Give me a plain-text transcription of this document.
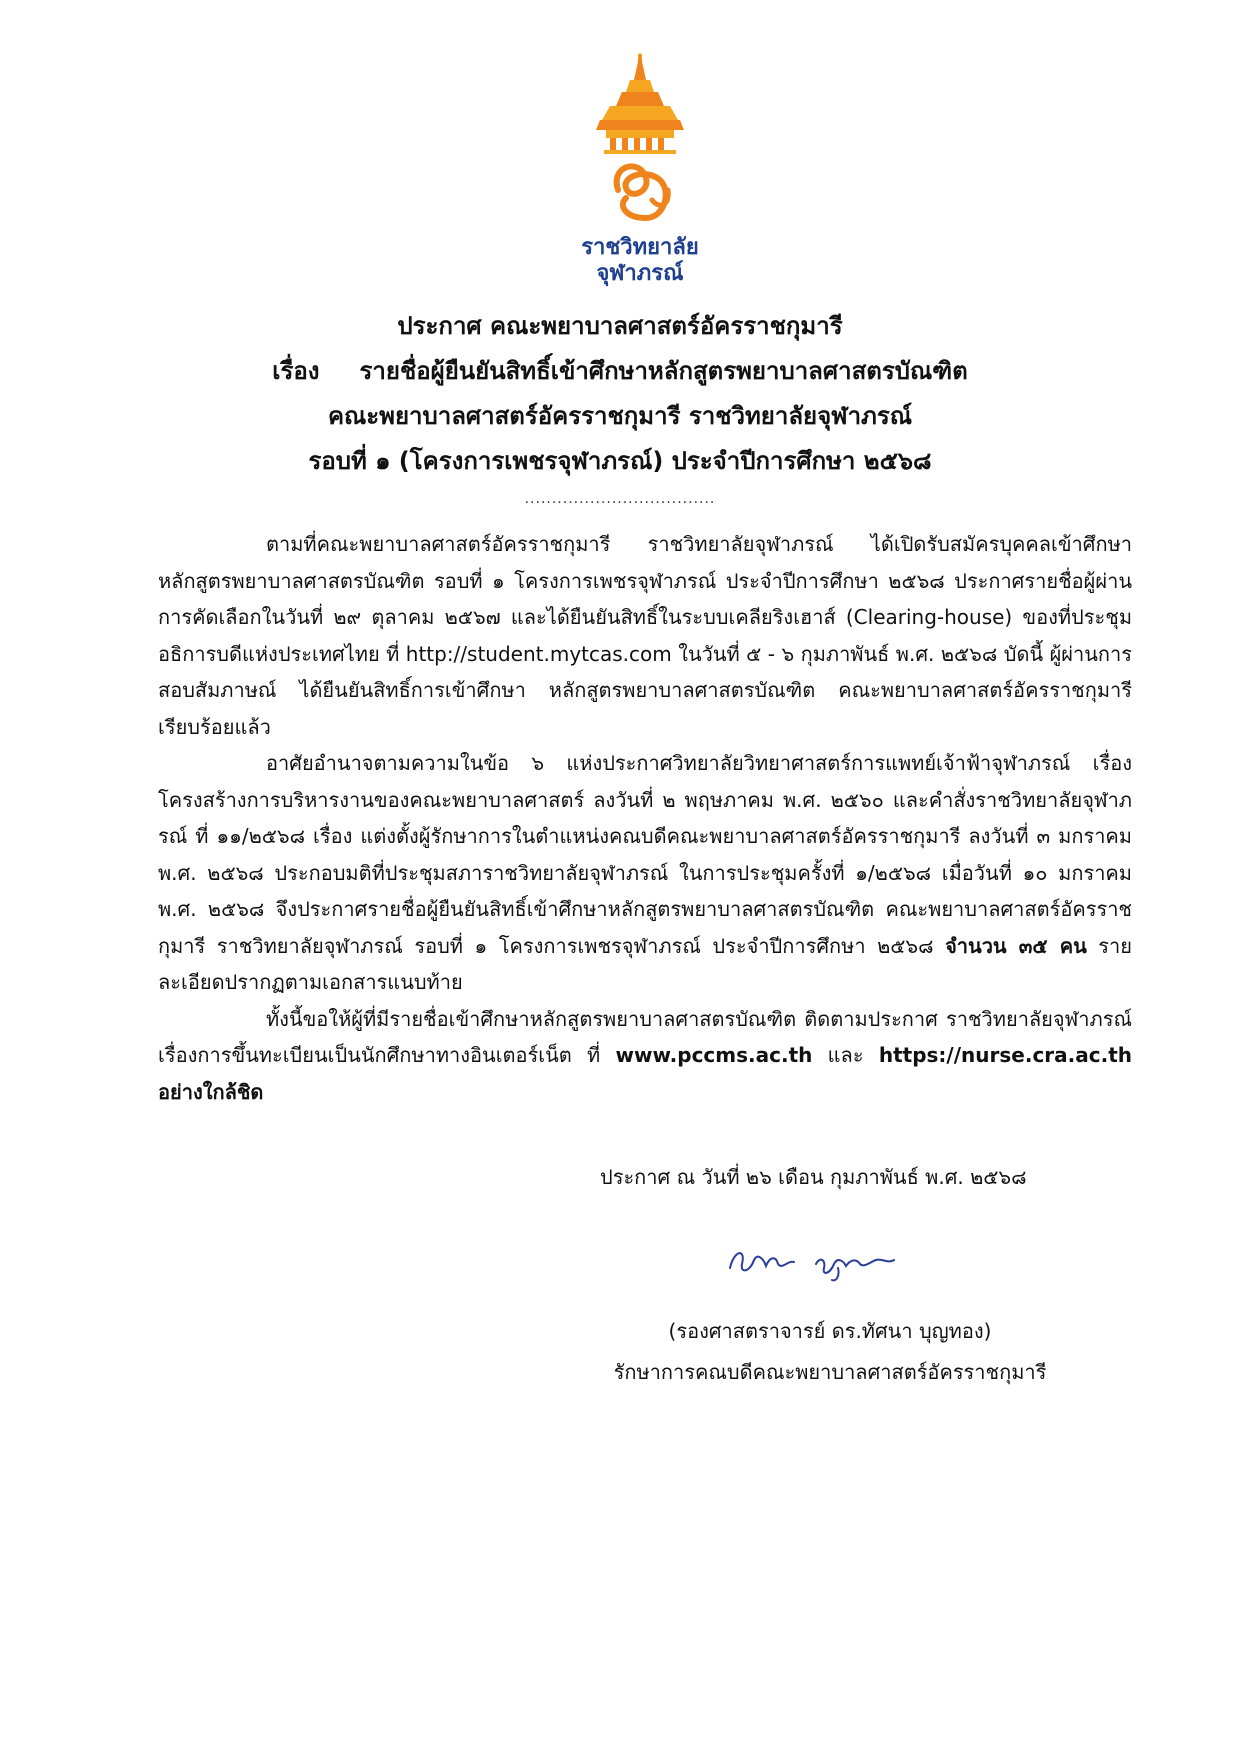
ราชวิทยาลัย
จุฬาภรณ์
ประกาศ คณะพยาบาลศาสตร์อัครราชกุมารี
เรื่อง รายชื่อผู้ยืนยันสิทธิ์เข้าศึกษาหลักสูตรพยาบาลศาสตรบัณฑิต
คณะพยาบาลศาสตร์อัครราชกุมารี ราชวิทยาลัยจุฬาภรณ์
รอบที่ ๑ (โครงการเพชรจุฬาภรณ์) ประจำปีการศึกษา ๒๕๖๘
...................................

ตามที่คณะพยาบาลศาสตร์อัครราชกุมารี ราชวิทยาลัยจุฬาภรณ์ ได้เปิดรับสมัครบุคคลเข้าศึกษาหลักสูตรพยาบาลศาสตรบัณฑิต รอบที่ ๑ โครงการเพชรจุฬาภรณ์ ประจำปีการศึกษา ๒๕๖๘ ประกาศรายชื่อผู้ผ่านการคัดเลือกในวันที่ ๒๙ ตุลาคม ๒๕๖๗ และได้ยืนยันสิทธิ์ในระบบเคลียริงเฮาส์ (Clearing-house) ของที่ประชุมอธิการบดีแห่งประเทศไทย ที่ http://student.mytcas.com ในวันที่ ๕ - ๖ กุมภาพันธ์ พ.ศ. ๒๕๖๘ บัดนี้ ผู้ผ่านการสอบสัมภาษณ์ ได้ยืนยันสิทธิ์การเข้าศึกษา หลักสูตรพยาบาลศาสตรบัณฑิต คณะพยาบาลศาสตร์อัครราชกุมารี เรียบร้อยแล้ว

อาศัยอำนาจตามความในข้อ ๖ แห่งประกาศวิทยาลัยวิทยาศาสตร์การแพทย์เจ้าฟ้าจุฬาภรณ์ เรื่อง โครงสร้างการบริหารงานของคณะพยาบาลศาสตร์ ลงวันที่ ๒ พฤษภาคม พ.ศ. ๒๕๖๐ และคำสั่งราชวิทยาลัยจุฬาภรณ์ ที่ ๑๑/๒๕๖๘ เรื่อง แต่งตั้งผู้รักษาการในตำแหน่งคณบดีคณะพยาบาลศาสตร์อัครราชกุมารี ลงวันที่ ๓ มกราคม พ.ศ. ๒๕๖๘ ประกอบมติที่ประชุมสภาราชวิทยาลัยจุฬาภรณ์ ในการประชุมครั้งที่ ๑/๒๕๖๘ เมื่อวันที่ ๑๐ มกราคม พ.ศ. ๒๕๖๘ จึงประกาศรายชื่อผู้ยืนยันสิทธิ์เข้าศึกษาหลักสูตรพยาบาลศาสตรบัณฑิต คณะพยาบาลศาสตร์อัครราชกุมารี ราชวิทยาลัยจุฬาภรณ์ รอบที่ ๑ โครงการเพชรจุฬาภรณ์ ประจำปีการศึกษา ๒๕๖๘ จำนวน ๓๕ คน รายละเอียดปรากฏตามเอกสารแนบท้าย

ทั้งนี้ขอให้ผู้ที่มีรายชื่อเข้าศึกษาหลักสูตรพยาบาลศาสตรบัณฑิต ติดตามประกาศ ราชวิทยาลัยจุฬาภรณ์ เรื่องการขึ้นทะเบียนเป็นนักศึกษาทางอินเตอร์เน็ต ที่ www.pccms.ac.th และ https://nurse.cra.ac.th อย่างใกล้ชิด

ประกาศ ณ วันที่ ๒๖ เดือน กุมภาพันธ์ พ.ศ. ๒๕๖๘
(รองศาสตราจารย์ ดร.ทัศนา บุญทอง)
รักษาการคณบดีคณะพยาบาลศาสตร์อัครราชกุมารี
